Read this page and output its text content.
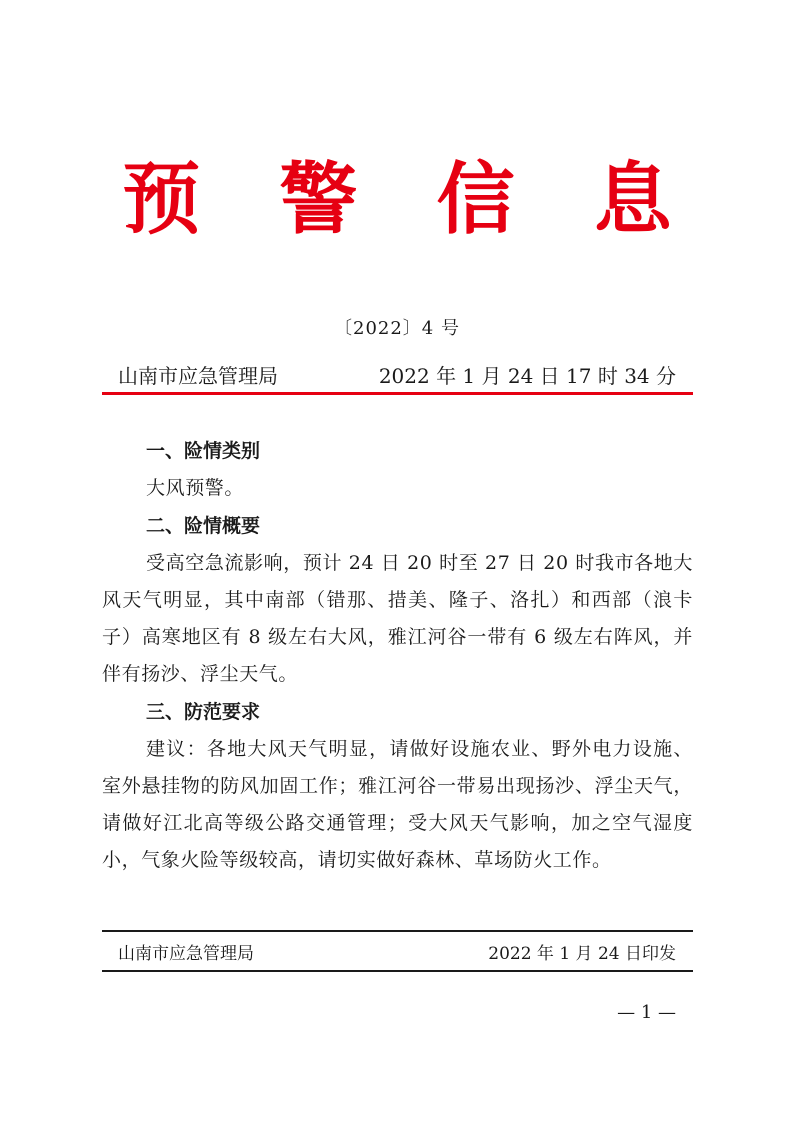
预 警 信 息
〔2022〕4 号
山南市应急管理局	2022 年 1 月 24 日 17 时 34 分
一、险情类别

大风预警。

二、险情概要

受高空急流影响，预计 24 日 20 时至 27 日 20 时我市各地大风天气明显，其中南部（错那、措美、隆子、洛扎）和西部（浪卡子）高寒地区有 8 级左右大风，雅江河谷一带有 6 级左右阵风，并伴有扬沙、浮尘天气。

三、防范要求

建议：各地大风天气明显，请做好设施农业、野外电力设施、室外悬挂物的防风加固工作；雅江河谷一带易出现扬沙、浮尘天气，请做好江北高等级公路交通管理；受大风天气影响，加之空气湿度小，气象火险等级较高，请切实做好森林、草场防火工作。

山南市应急管理局	2022 年 1 月 24 日印发
— 1 —
